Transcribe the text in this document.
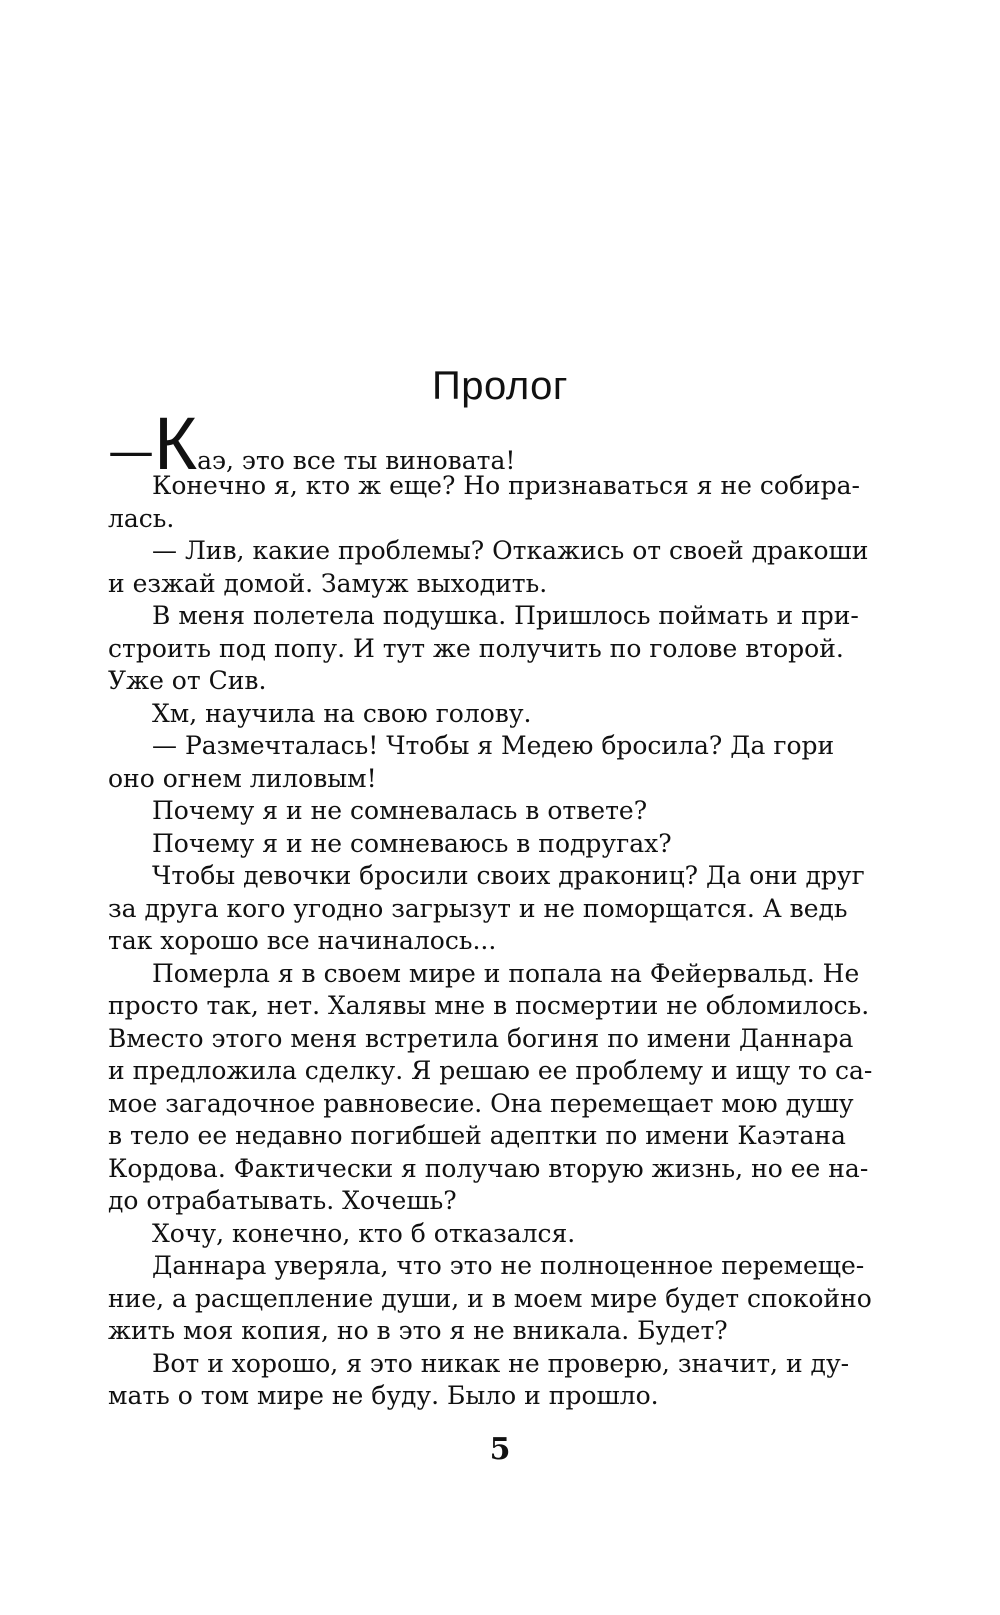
Пролог
—Каэ, это все ты виновата!
Конечно я, кто ж еще? Но признаваться я не собира-
лась.
— Лив, какие проблемы? Откажись от своей дракоши
и езжай домой. Замуж выходить.
В меня полетела подушка. Пришлось поймать и при-
строить под попу. И тут же получить по голове второй.
Уже от Сив.
Хм, научила на свою голову.
— Размечталась! Чтобы я Медею бросила? Да гори
оно огнем лиловым!
Почему я и не сомневалась в ответе?
Почему я и не сомневаюсь в подругах?
Чтобы девочки бросили своих дракониц? Да они друг
за друга кого угодно загрызут и не поморщатся. А ведь
так хорошо все начиналось...
Померла я в своем мире и попала на Фейервальд. Не
просто так, нет. Халявы мне в посмертии не обломилось.
Вместо этого меня встретила богиня по имени Даннара
и предложила сделку. Я решаю ее проблему и ищу то са-
мое загадочное равновесие. Она перемещает мою душу
в тело ее недавно погибшей адептки по имени Каэтана
Кордова. Фактически я получаю вторую жизнь, но ее на-
до отрабатывать. Хочешь?
Хочу, конечно, кто б отказался.
Даннара уверяла, что это не полноценное перемеще-
ние, а расщепление души, и в моем мире будет спокойно
жить моя копия, но в это я не вникала. Будет?
Вот и хорошо, я это никак не проверю, значит, и ду-
мать о том мире не буду. Было и прошло.
5
